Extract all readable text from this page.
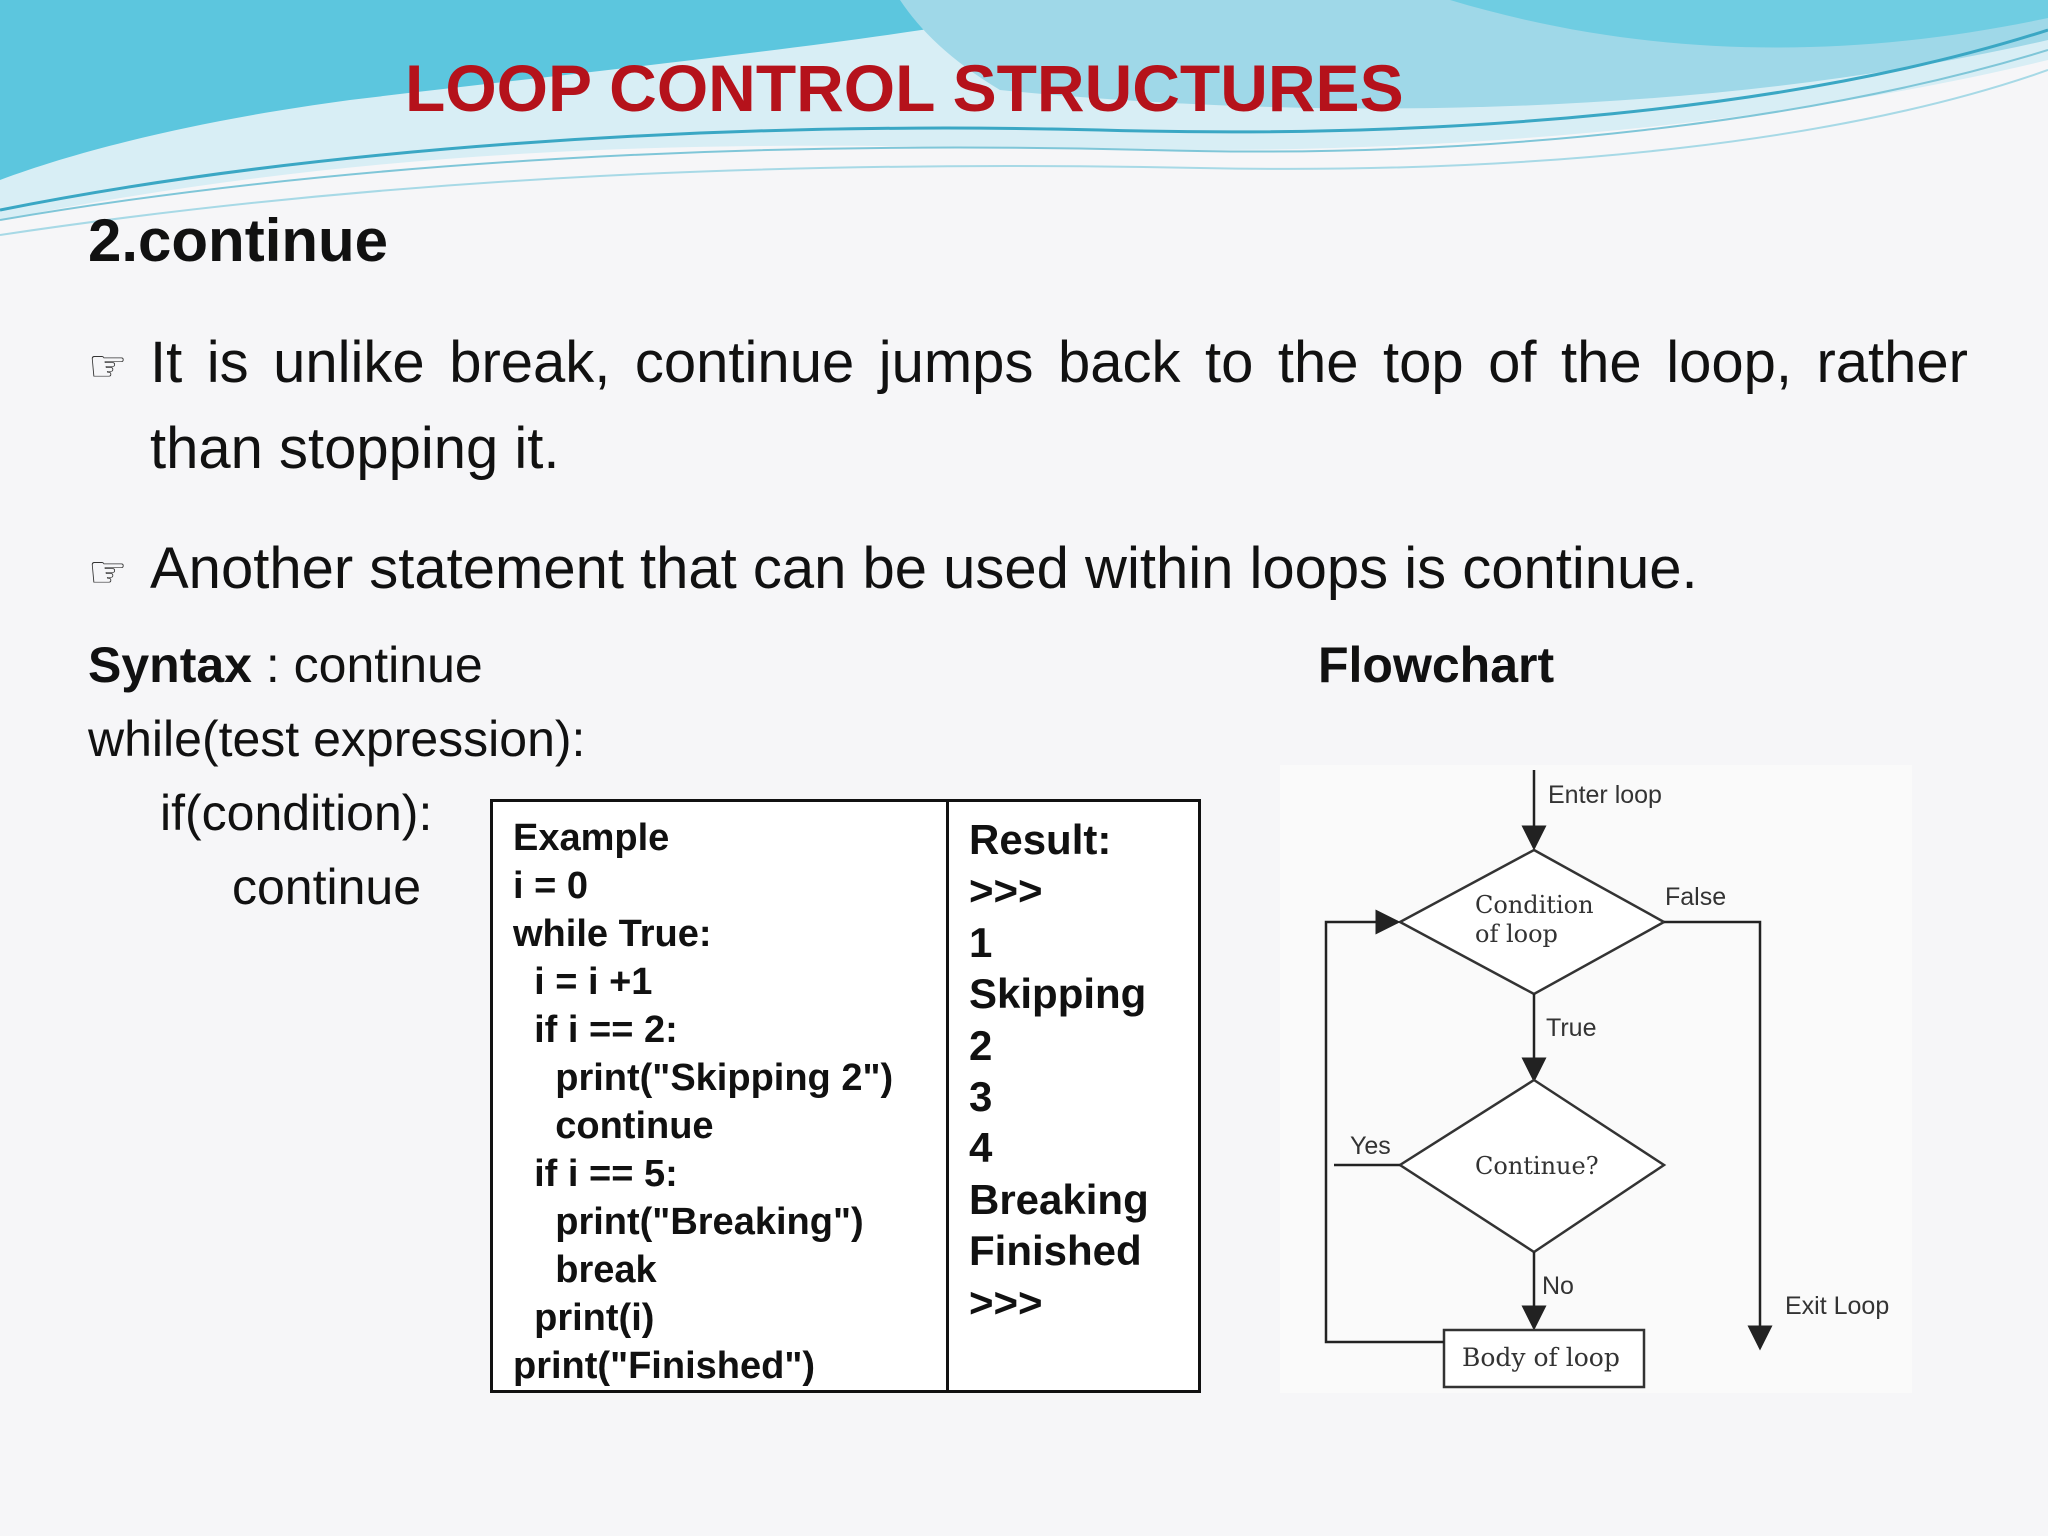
LOOP CONTROL STRUCTURES
2.continue

☞ It is unlike break, continue jumps back to the top of the loop, rather than stopping it.

☞ Another statement that can be used within loops is continue.

Syntax : continue

while(test expression):

if(condition):

continue

Flowchart

Example
i = 0
while True:
i = i +1
if i == 2:
print("Skipping 2")
continue
if i == 5:
print("Breaking")
break
print(i)
print("Finished")
Result:
>>>
1
Skipping
2
3
4
Breaking
Finished
>>>
Enter loop
Condition
of loop
False
Exit Loop
True
Continue?
Yes
No
Body of loop
